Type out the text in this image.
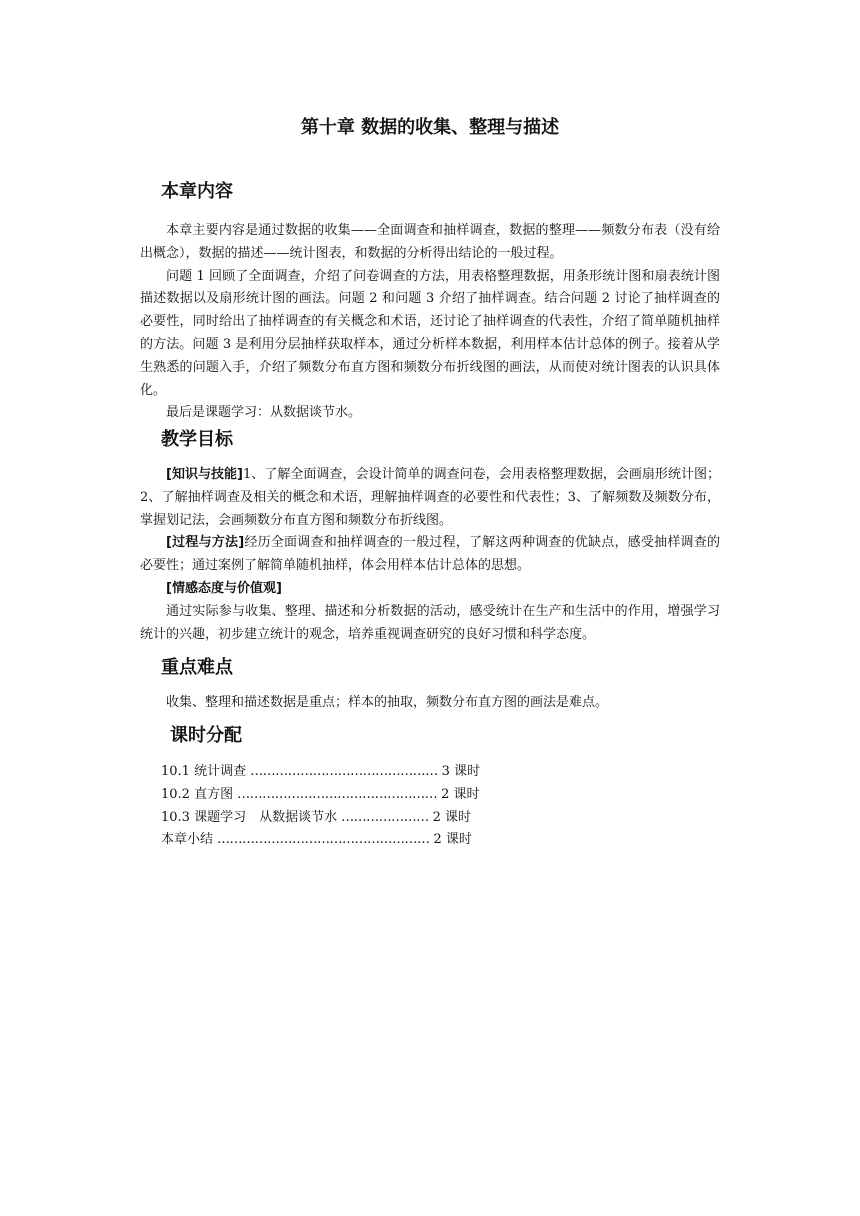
第十章 数据的收集、整理与描述
本章内容

本章主要内容是通过数据的收集——全面调查和抽样调查，数据的整理——频数分布表（没有给出概念），数据的描述——统计图表，和数据的分析得出结论的一般过程。

问题 1 回顾了全面调查，介绍了问卷调查的方法，用表格整理数据，用条形统计图和扇表统计图描述数据以及扇形统计图的画法。问题 2 和问题 3 介绍了抽样调查。结合问题 2 讨论了抽样调查的必要性，同时给出了抽样调查的有关概念和术语，还讨论了抽样调查的代表性，介绍了简单随机抽样的方法。问题 3 是利用分层抽样获取样本，通过分析样本数据，利用样本估计总体的例子。接着从学生熟悉的问题入手，介绍了频数分布直方图和频数分布折线图的画法，从而使对统计图表的认识具体化。

最后是课题学习：从数据谈节水。

教学目标

[知识与技能]1、了解全面调查，会设计简单的调查问卷，会用表格整理数据，会画扇形统计图；2、了解抽样调查及相关的概念和术语，理解抽样调查的必要性和代表性；3、了解频数及频数分布，掌握划记法，会画频数分布直方图和频数分布折线图。

[过程与方法]经历全面调查和抽样调查的一般过程，了解这两种调查的优缺点，感受抽样调查的必要性；通过案例了解简单随机抽样，体会用样本估计总体的思想。

[情感态度与价值观]

通过实际参与收集、整理、描述和分析数据的活动，感受统计在生产和生活中的作用，增强学习统计的兴趣，初步建立统计的观念，培养重视调查研究的良好习惯和科学态度。

重点难点

收集、整理和描述数据是重点；样本的抽取，频数分布直方图的画法是难点。

课时分配
10.1 统计调查 ……………………………………… 3 课时
10.2 直方图 ………………………………………… 2 课时
10.3 课题学习　从数据谈节水 ………………… 2 课时
本章小结 …………………………………………… 2 课时
